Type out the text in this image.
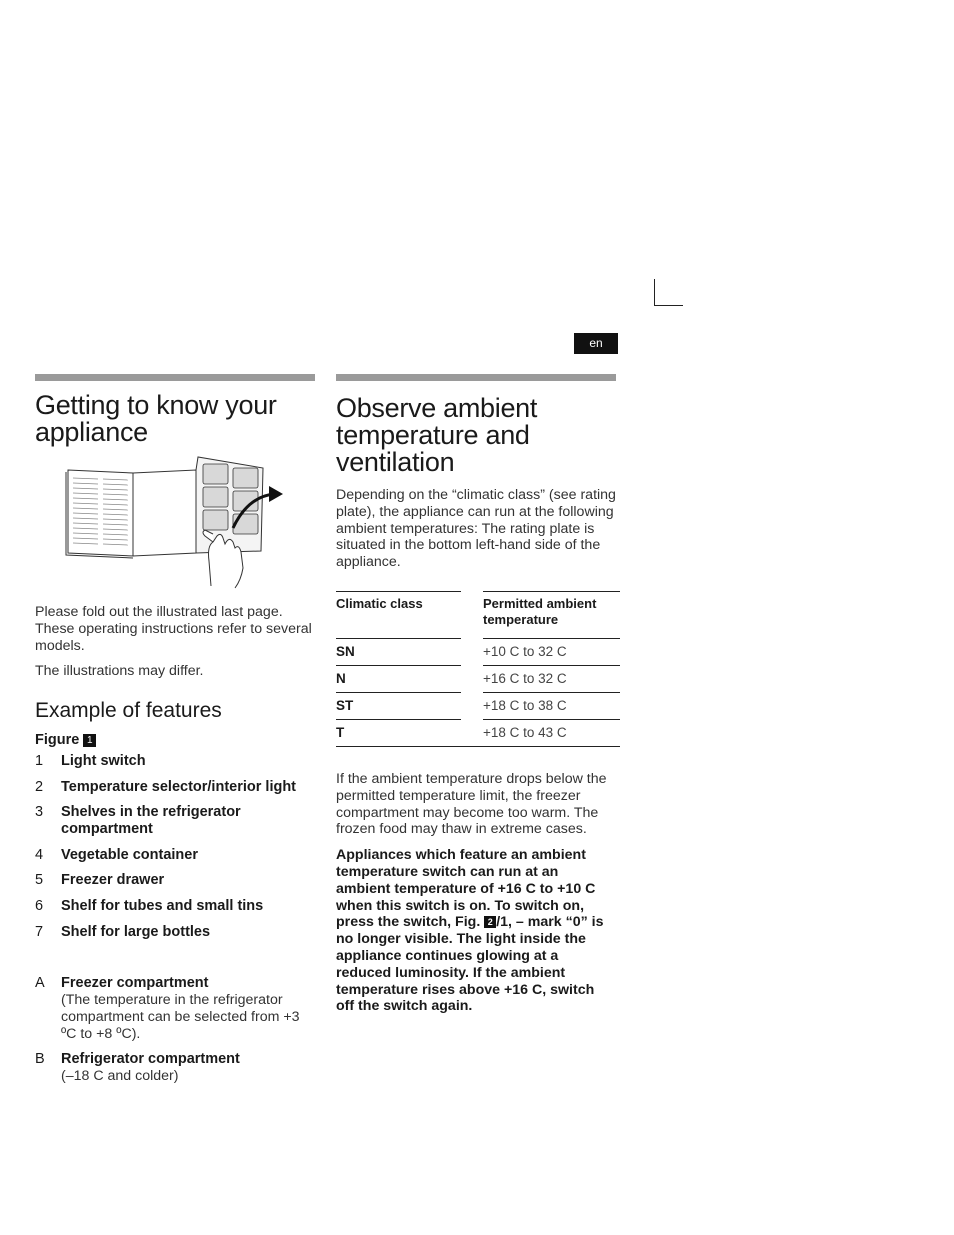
en
Getting to know your appliance

Please fold out the illustrated last page. These operating instructions refer to several models.

The illustrations may differ.

Example of features
Figure 1
1	Light switch
2	Temperature selector/interior light
3	Shelves in the refrigerator compartment
4	Vegetable container
5	Freezer drawer
6	Shelf for tubes and small tins
7	Shelf for large bottles
A	Freezer compartment
(The temperature in the refrigerator compartment can be selected from +3 ºC to +8 ºC).
B	Refrigerator compartment
(–18 C and colder)
Observe ambient temperature and ventilation

Depending on the “climatic class” (see rating plate), the appliance can run at the following ambient temperatures: The rating plate is situated in the bottom left-hand side of the appliance.

Climatic class		Permitted ambient temperature
SN		+10 C to 32 C
N		+16 C to 32 C
ST		+18 C to 38 C
T		+18 C to 43 C

If the ambient temperature drops below the permitted temperature limit, the freezer compartment may become too warm. The frozen food may thaw in extreme cases.

Appliances which feature an ambient temperature switch can run at an ambient temperature of +16 C to +10 C when this switch is on. To switch on, press the switch, Fig. 2 /1, – mark “0” is no longer visible. The light inside the appliance continues glowing at a reduced luminosity. If the ambient temperature rises above +16 C, switch off the switch again.
